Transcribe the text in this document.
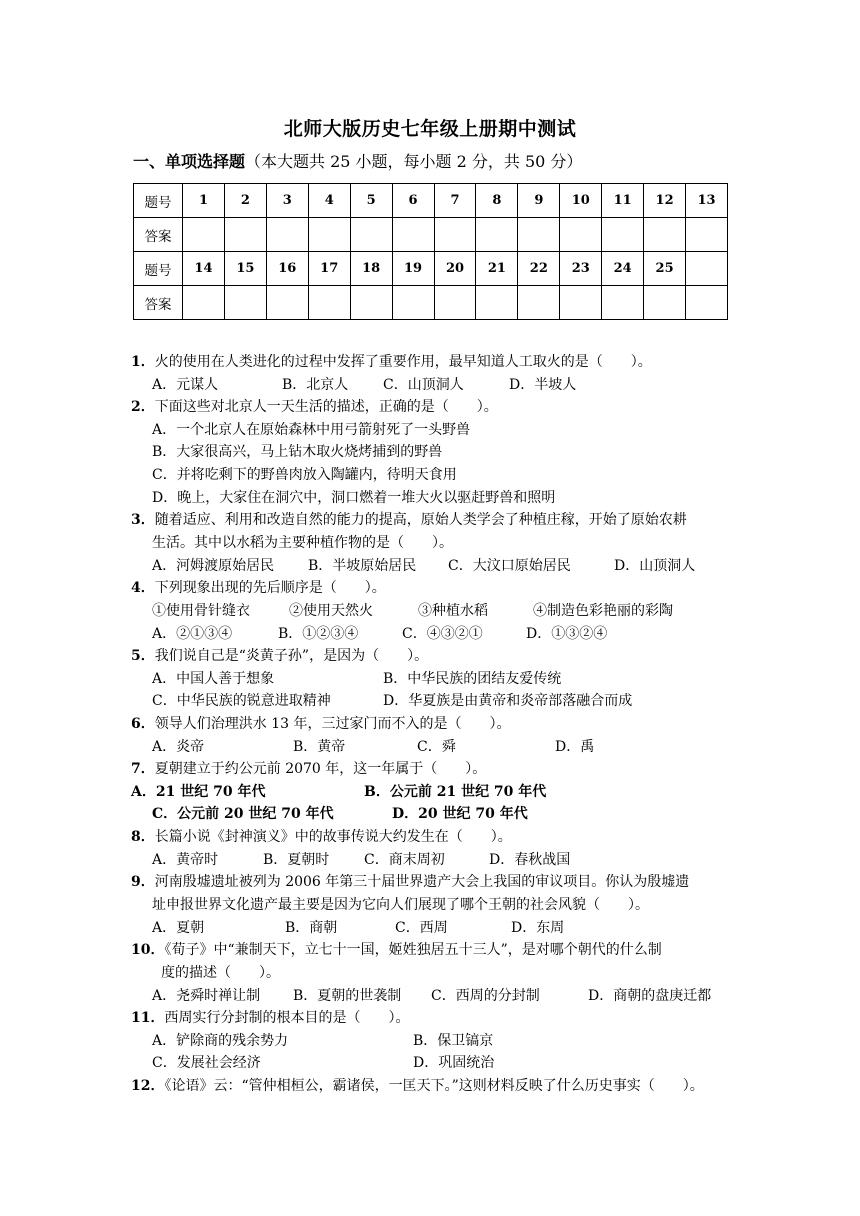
北师大版历史七年级上册期中测试
一、单项选择题（本大题共 25 小题，每小题 2 分，共 50 分）
题号	1	2	3	4	5	6	7	8	9	10	11	12	13
答案													
题号	14	15	16	17	18	19	20	21	22	23	24	25	
答案													
1．火的使用在人类进化的过程中发挥了重要作用，最早知道人工取火的是（　　）。
A．元谋人	B．北京人 C．山顶洞人	D．半坡人
2．下面这些对北京人一天生活的描述，正确的是（　　）。
A．一个北京人在原始森林中用弓箭射死了一头野兽
B．大家很高兴，马上钻木取火烧烤捕到的野兽
C．并将吃剩下的野兽肉放入陶罐内，待明天食用
D．晚上，大家住在洞穴中，洞口燃着一堆大火以驱赶野兽和照明
3．随着适应、利用和改造自然的能力的提高，原始人类学会了种植庄稼，开始了原始农耕
生活。其中以水稻为主要种植作物的是（　　）。
A．河姆渡原始居民 B．半坡原始居民 C．大汶口原始居民	D．山顶洞人
4．下列现象出现的先后顺序是（　　）。
①使用骨针缝衣	②使用天然火	③种植水稻	④制造色彩艳丽的彩陶
A．②①③④	B．①②③④	C．④③②①	D．①③②④
5．我们说自己是“炎黄子孙”，是因为（　　）。
A．中国人善于想象	B．中华民族的团结友爱传统
C．中华民族的锐意进取精神	D．华夏族是由黄帝和炎帝部落融合而成
6．领导人们治理洪水 13 年，三过家门而不入的是（　　）。
A．炎帝	B．黄帝	C．舜	D．禹
7．夏朝建立于约公元前 2070 年，这一年属于（　　）。
A．21 世纪 70 年代	B．公元前 21 世纪 70 年代
C．公元前 20 世纪 70 年代	D．20 世纪 70 年代
8．长篇小说《封神演义》中的故事传说大约发生在（　　）。
A．黄帝时	B．夏朝时 C．商末周初	D．春秋战国
9．河南殷墟遗址被列为 2006 年第三十届世界遗产大会上我国的审议项目。你认为殷墟遗
址申报世界文化遗产最主要是因为它向人们展现了哪个王朝的社会风貌（　　）。
A．夏朝	B．商朝	C．西周	D．东周
10．《荀子》中“兼制天下，立七十一国，姬姓独居五十三人”，是对哪个朝代的什么制
度的描述（　　）。
A．尧舜时禅让制 B．夏朝的世袭制 C．西周的分封制	D．商朝的盘庚迁都
11．西周实行分封制的根本目的是（　　）。
A．铲除商的残余势力	B．保卫镐京
C．发展社会经济	D．巩固统治
12．《论语》云：“管仲相桓公，霸诸侯，一匡天下。”这则材料反映了什么历史事实（　　）。
